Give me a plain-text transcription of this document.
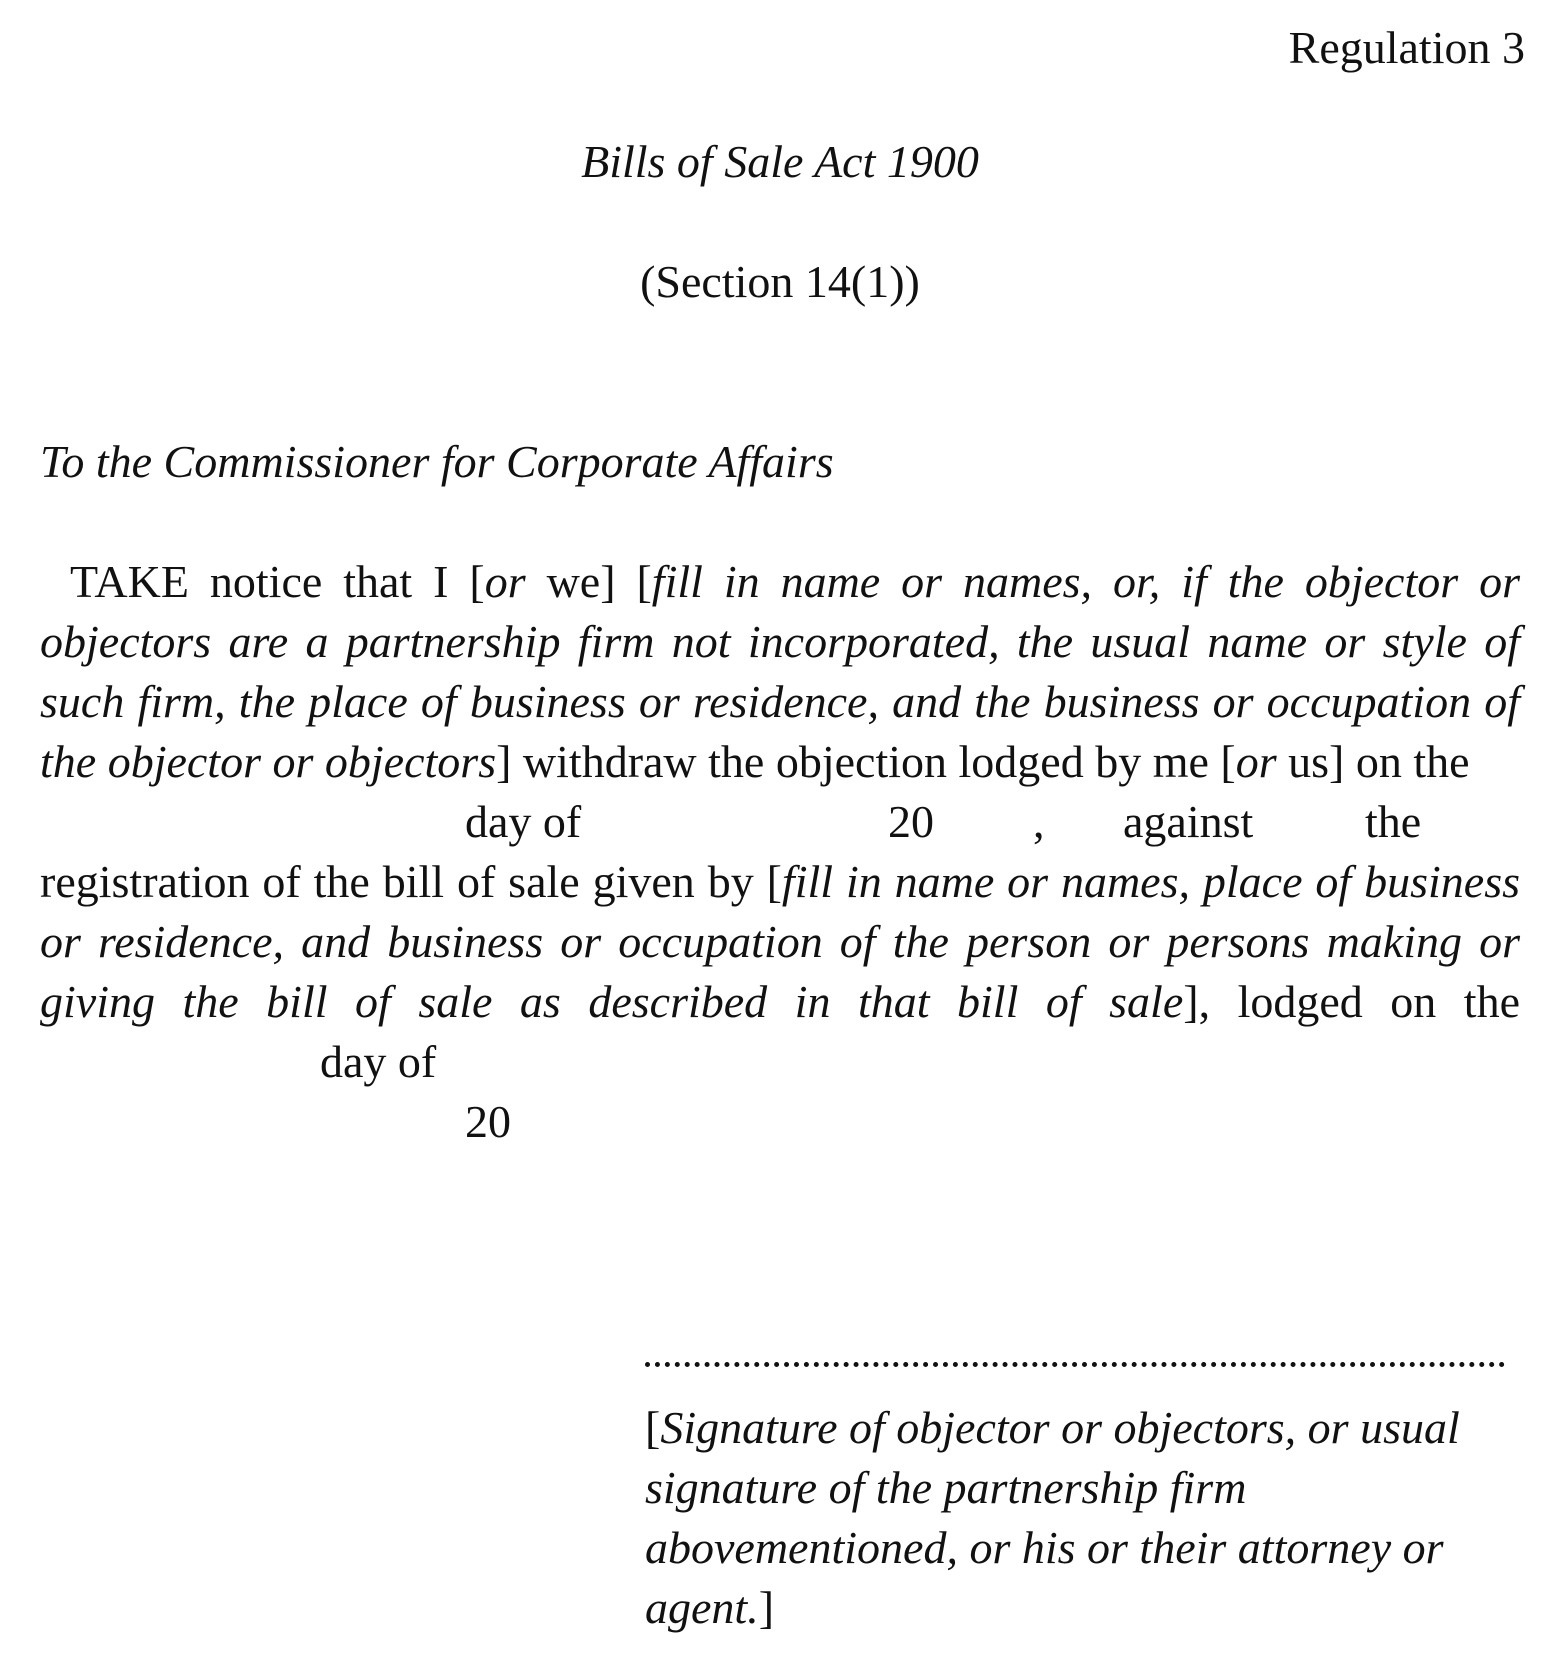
Regulation 3
Bills of Sale Act 1900
(Section 14(1))
To the Commissioner for Corporate Affairs
TAKE notice that I [or we] [fill in name or names, or, if the objector or objectors are a partnership firm not incorporated, the usual name or style of such firm, the place of business or residence, and the business or occupation of the objector or objectors] withdraw the objection lodged by me [or us] on the
day of	20 , against the
registration of the bill of sale given by [fill in name or names, place of business or residence, and business or occupation of the person or persons making or giving the bill of sale as described in that bill of sale], lodged on theday of
20
[Signature of objector or objectors, or usual signature of the partnership firm abovementioned, or his or their attorney or agent.]
